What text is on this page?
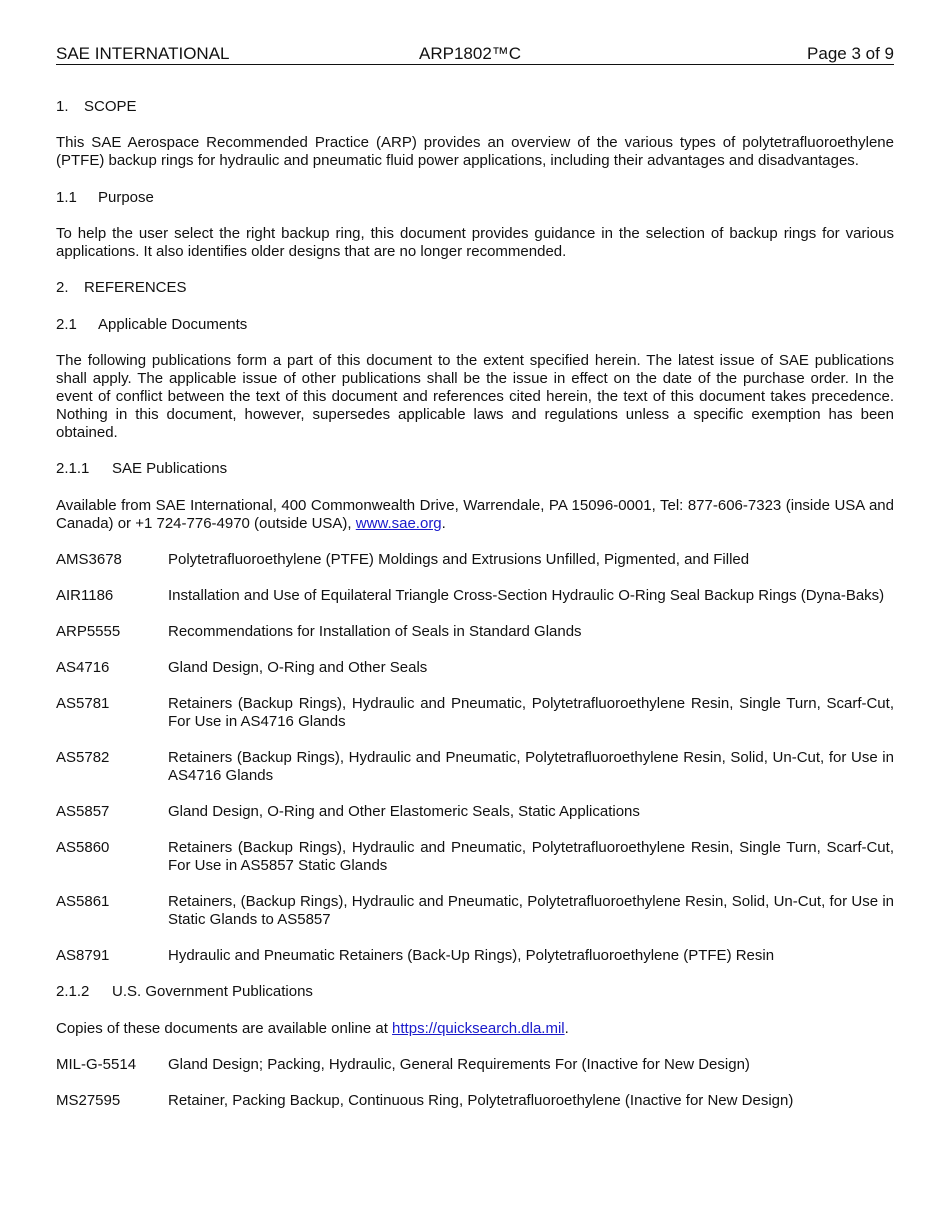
SAE INTERNATIONAL	ARP1802™C	Page 3 of 9

1. SCOPE

This SAE Aerospace Recommended Practice (ARP) provides an overview of the various types of polytetrafluoroethylene (PTFE) backup rings for hydraulic and pneumatic fluid power applications, including their advantages and disadvantages.

1.1 Purpose

To help the user select the right backup ring, this document provides guidance in the selection of backup rings for various applications. It also identifies older designs that are no longer recommended.

2. REFERENCES

2.1 Applicable Documents

The following publications form a part of this document to the extent specified herein. The latest issue of SAE publications shall apply. The applicable issue of other publications shall be the issue in effect on the date of the purchase order. In the event of conflict between the text of this document and references cited herein, the text of this document takes precedence. Nothing in this document, however, supersedes applicable laws and regulations unless a specific exemption has been obtained.

2.1.1 SAE Publications

Available from SAE International, 400 Commonwealth Drive, Warrendale, PA 15096-0001, Tel: 877-606-7323 (inside USA and Canada) or +1 724-776-4970 (outside USA), www.sae.org.

AMS3678	Polytetrafluoroethylene (PTFE) Moldings and Extrusions Unfilled, Pigmented, and Filled
AIR1186	Installation and Use of Equilateral Triangle Cross-Section Hydraulic O-Ring Seal Backup Rings (Dyna-Baks)
ARP5555	Recommendations for Installation of Seals in Standard Glands
AS4716	Gland Design, O-Ring and Other Seals
AS5781	Retainers (Backup Rings), Hydraulic and Pneumatic, Polytetrafluoroethylene Resin, Single Turn, Scarf-Cut, For Use in AS4716 Glands
AS5782	Retainers (Backup Rings), Hydraulic and Pneumatic, Polytetrafluoroethylene Resin, Solid, Un-Cut, for Use in AS4716 Glands
AS5857	Gland Design, O-Ring and Other Elastomeric Seals, Static Applications
AS5860	Retainers (Backup Rings), Hydraulic and Pneumatic, Polytetrafluoroethylene Resin, Single Turn, Scarf-Cut, For Use in AS5857 Static Glands
AS5861	Retainers, (Backup Rings), Hydraulic and Pneumatic, Polytetrafluoroethylene Resin, Solid, Un-Cut, for Use in Static Glands to AS5857
AS8791	Hydraulic and Pneumatic Retainers (Back-Up Rings), Polytetrafluoroethylene (PTFE) Resin

2.1.2 U.S. Government Publications

Copies of these documents are available online at https://quicksearch.dla.mil.

MIL-G-5514	Gland Design; Packing, Hydraulic, General Requirements For (Inactive for New Design)
MS27595	Retainer, Packing Backup, Continuous Ring, Polytetrafluoroethylene (Inactive for New Design)
